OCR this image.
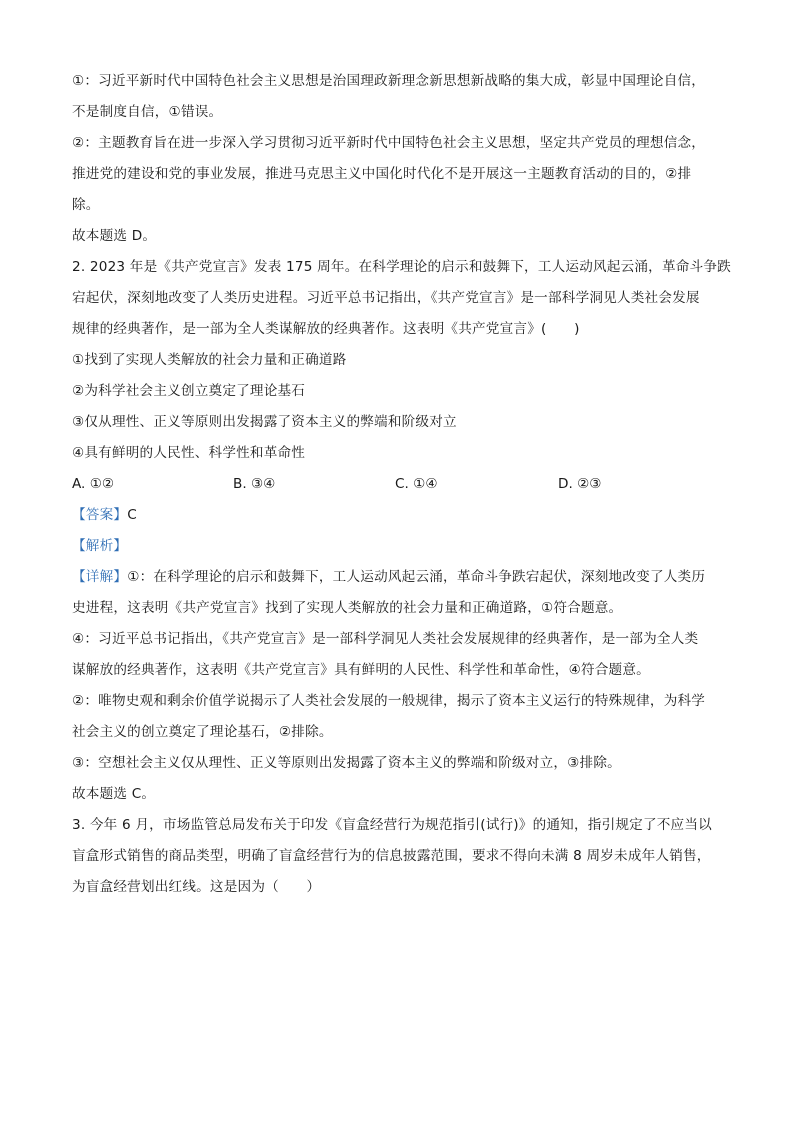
①：习近平新时代中国特色社会主义思想是治国理政新理念新思想新战略的集大成，彰显中国理论自信，
不是制度自信，①错误。
②：主题教育旨在进一步深入学习贯彻习近平新时代中国特色社会主义思想，坚定共产党员的理想信念，
推进党的建设和党的事业发展，推进马克思主义中国化时代化不是开展这一主题教育活动的目的，②排
除。
故本题选 D。
2. 2023 年是《共产党宣言》发表 175 周年。在科学理论的启示和鼓舞下，工人运动风起云涌，革命斗争跌
宕起伏，深刻地改变了人类历史进程。习近平总书记指出，《共产党宣言》是一部科学洞见人类社会发展
规律的经典著作，是一部为全人类谋解放的经典著作。这表明《共产党宣言》(　　)
①找到了实现人类解放的社会力量和正确道路
②为科学社会主义创立奠定了理论基石
③仅从理性、正义等原则出发揭露了资本主义的弊端和阶级对立
④具有鲜明的人民性、科学性和革命性
A. ①②	B. ③④	C. ①④	D. ②③
【答案】C
【解析】
【详解】①：在科学理论的启示和鼓舞下，工人运动风起云涌，革命斗争跌宕起伏，深刻地改变了人类历
史进程，这表明《共产党宣言》找到了实现人类解放的社会力量和正确道路，①符合题意。
④：习近平总书记指出，《共产党宣言》是一部科学洞见人类社会发展规律的经典著作，是一部为全人类
谋解放的经典著作，这表明《共产党宣言》具有鲜明的人民性、科学性和革命性，④符合题意。
②：唯物史观和剩余价值学说揭示了人类社会发展的一般规律，揭示了资本主义运行的特殊规律，为科学
社会主义的创立奠定了理论基石，②排除。
③：空想社会主义仅从理性、正义等原则出发揭露了资本主义的弊端和阶级对立，③排除。
故本题选 C。
3. 今年 6 月，市场监管总局发布关于印发《盲盒经营行为规范指引(试行)》的通知，指引规定了不应当以
盲盒形式销售的商品类型，明确了盲盒经营行为的信息披露范围，要求不得向未满 8 周岁未成年人销售，
为盲盒经营划出红线。这是因为（　　）
